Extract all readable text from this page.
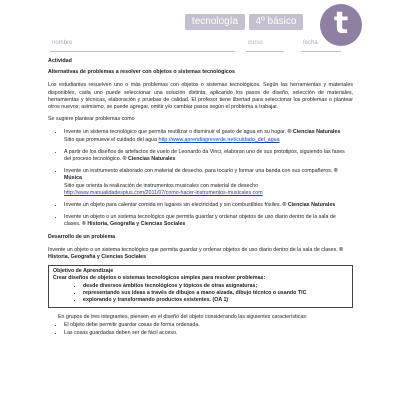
tecnología	4º básico	t
nombre	curso	fecha

Actividad

Alternativas de problemas a resolver con objetos o sistemas tecnológicos

Los estudiantes resuelven uno o más problemas con objetos o sistemas tecnológicos. Según las herramientas y materiales disponibles, cada uno puede seleccionar una solución distinta, aplicando los pasos de diseño, selección de materiales, herramientas y técnicas, elaboración y pruebas de calidad. El profesor tiene libertad para seleccionar los problemas o plantear otros nuevos; asimismo, se puede agregar, omitir y/o cambiar pasos según el problema a trabajar.

Se sugiere plantear problemas como

• Invente un sistema tecnológico que permita reutilizar o disminuir el gasto de agua en su hogar. ® Ciencias Naturales
Sitio que promueve el cuidado del agua http://www.aprendiagreverde.net/cuidado_del_agua
• A partir de los diseños de artefactos de vuelo de Leonardo da Vinci, elaboran uno de sus prototipos, siguiendo las fases del proceso tecnológico. ® Ciencias Naturales
• Invente un instrumento elaborado con material de desecho, para tocarlo y formar una banda con sus compañeros. ® Música
Sitio que orienta la realización de instrumentos musicales con material de desecho http://www.manualidadesplus.com/2011/07/como-hacer-instrumentos-musicales.com
• Invente un objeto para calentar comida en lugares sin electricidad y sin combustibles fósiles. ® Ciencias Naturales
• Invente un objeto o un sistema tecnológico que permita guardar y ordenar objetos de uso diario dentro de la sala de clases. ® Historia, Geografía y Ciencias Sociales

Desarrollo de un problema

Invente un objeto o un sistema tecnológico que permita guardar y ordenar objetos de uso diario dentro de la sala de clases. ® Historia, Geografía y Ciencias Sociales

Objetivo de Aprendizaje
Crear diseños de objetos o sistemas tecnológicos simples para resolver problemas:
• desde diversos ámbitos tecnológicos y tópicos de otras asignaturas;
• representando sus ideas a través de dibujos a mano alzada, dibujo técnico o usando TIC
• explorando y transformando productos existentes. (OA 1)

En grupos de tres integrantes, piensen en el diseño del objeto considerando las siguientes características:

• El objeto debe permitir guardar cosas de forma ordenada.
• Las cosas guardadas deben ser de fácil acceso.
